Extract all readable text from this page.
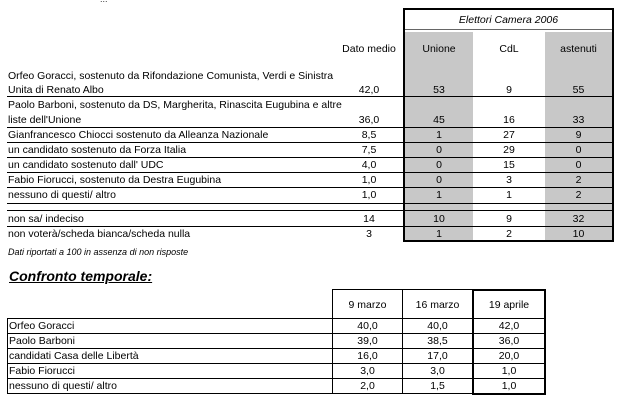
Elettori Camera 2006
Dato medio	Unione	CdL	astenuti
Orfeo Goracci, sostenuto da Rifondazione Comunista, Verdi e Sinistra
Unita di Renato Albo	42,0	53	9	55
Paolo Barboni, sostenuto da DS, Margherita, Rinascita Eugubina e altre
liste dell'Unione	36,0	45	16	33
Gianfrancesco Chiocci sostenuto da Alleanza Nazionale	8,5	1	27	9
un candidato sostenuto da Forza Italia	7,5	0	29	0
un candidato sostenuto dall' UDC	4,0	0	15	0
Fabio Fiorucci, sostenuto da Destra Eugubina	1,0	0	3	2
nessuno di questi/ altro	1,0	1	1	2
non sa/ indeciso	14	10	9	32
non voterà/scheda bianca/scheda nulla	3	1	2	10
Dati riportati a 100 in assenza di non risposte
Confronto temporale:
9 marzo	16 marzo	19 aprile
Orfeo Goracci	40,0	40,0	42,0
Paolo Barboni	39,0	38,5	36,0
candidati Casa delle Libertà	16,0	17,0	20,0
Fabio Fiorucci	3,0	3,0	1,0
nessuno di questi/ altro	2,0	1,5	1,0
